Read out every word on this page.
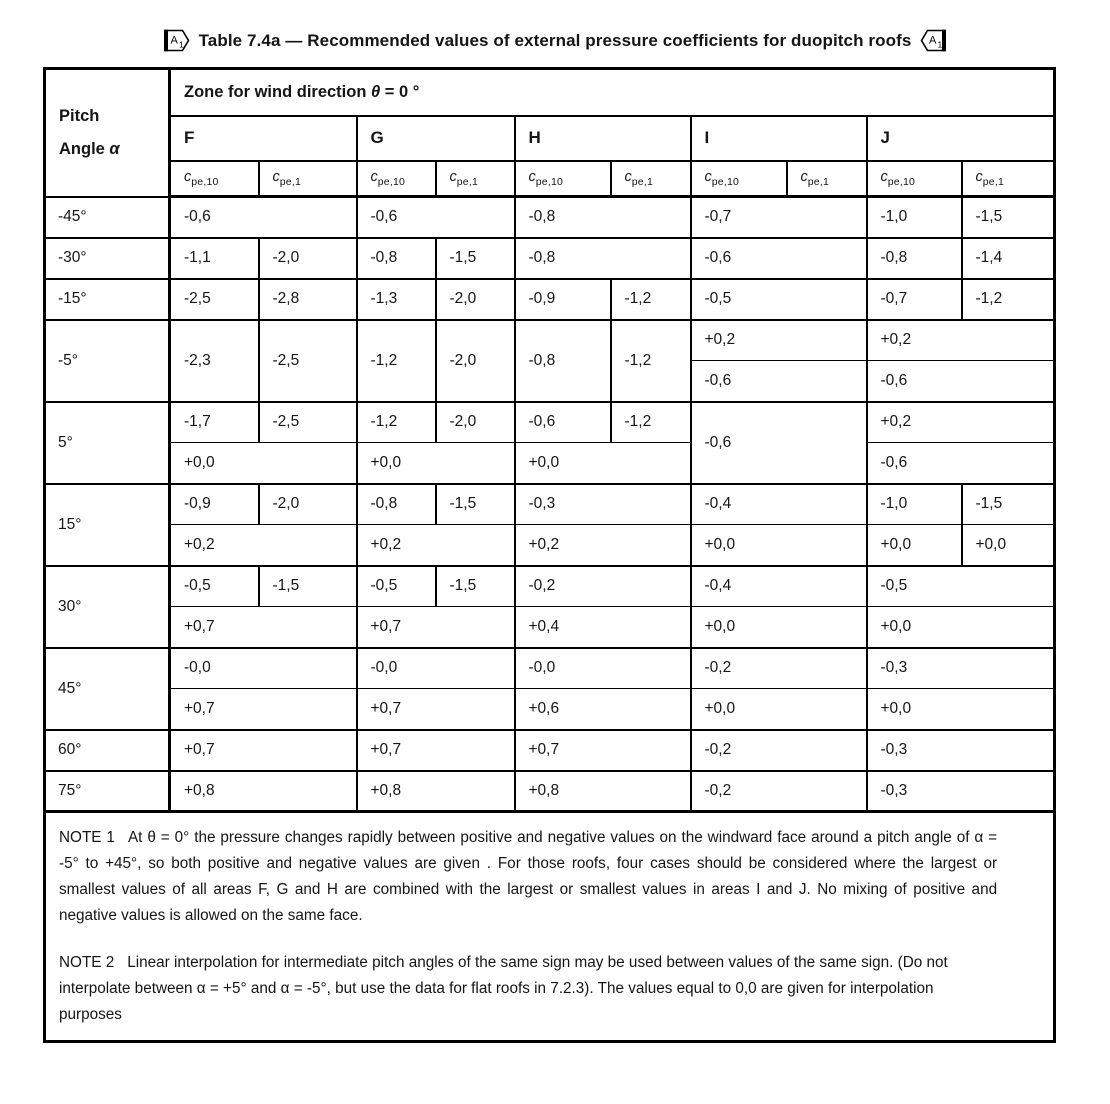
A 1 Table 7.4a — Recommended values of external pressure coefficients for duopitch roofs A 1
Pitch
Angle α	Zone for wind direction θ = 0 °									
	F		G		H		I		J	
	$c_{pe,10}$	$c_{pe,1}$	$c_{pe,10}$	$c_{pe,1}$	$c_{pe,10}$	$c_{pe,1}$	$c_{pe,10}$	$c_{pe,1}$	$c_{pe,10}$	$c_{pe,1}$
-45°	-0,6		-0,6		-0,8		-0,7		-1,0	-1,5
-30°	-1,1	-2,0	-0,8	-1,5	-0,8		-0,6		-0,8	-1,4
-15°	-2,5	-2,8	-1,3	-2,0	-0,9	-1,2	-0,5		-0,7	-1,2
-5°	-2,3	-2,5	-1,2	-2,0	-0,8	-1,2	+0,2		+0,2	
							-0,6		-0,6	
5°	-1,7	-2,5	-1,2	-2,0	-0,6	-1,2	-0,6		+0,2	
	+0,0		+0,0		+0,0				-0,6	
15°	-0,9	-2,0	-0,8	-1,5	-0,3		-0,4		-1,0	-1,5
	+0,2		+0,2		+0,2		+0,0		+0,0	+0,0
30°	-0,5	-1,5	-0,5	-1,5	-0,2		-0,4		-0,5	
	+0,7		+0,7		+0,4		+0,0		+0,0	
45°	-0,0		-0,0		-0,0		-0,2		-0,3	
	+0,7		+0,7		+0,6		+0,0		+0,0	
60°	+0,7		+0,7		+0,7		-0,2		-0,3	
75°	+0,8		+0,8		+0,8		-0,2		-0,3	

NOTE 1 At θ = 0° the pressure changes rapidly between positive and negative values on the windward face around a pitch angle of α = -5° to +45°, so both positive and negative values are given . For those roofs, four cases should be considered where the largest or smallest values of all areas F, G and H are combined with the largest or smallest values in areas I and J. No mixing of positive and negative values is allowed on the same face.

NOTE 2 Linear interpolation for intermediate pitch angles of the same sign may be used between values of the same sign. (Do not interpolate between α = +5° and α = -5°, but use the data for flat roofs in 7.2.3). The values equal to 0,0 are given for interpolation purposes										
